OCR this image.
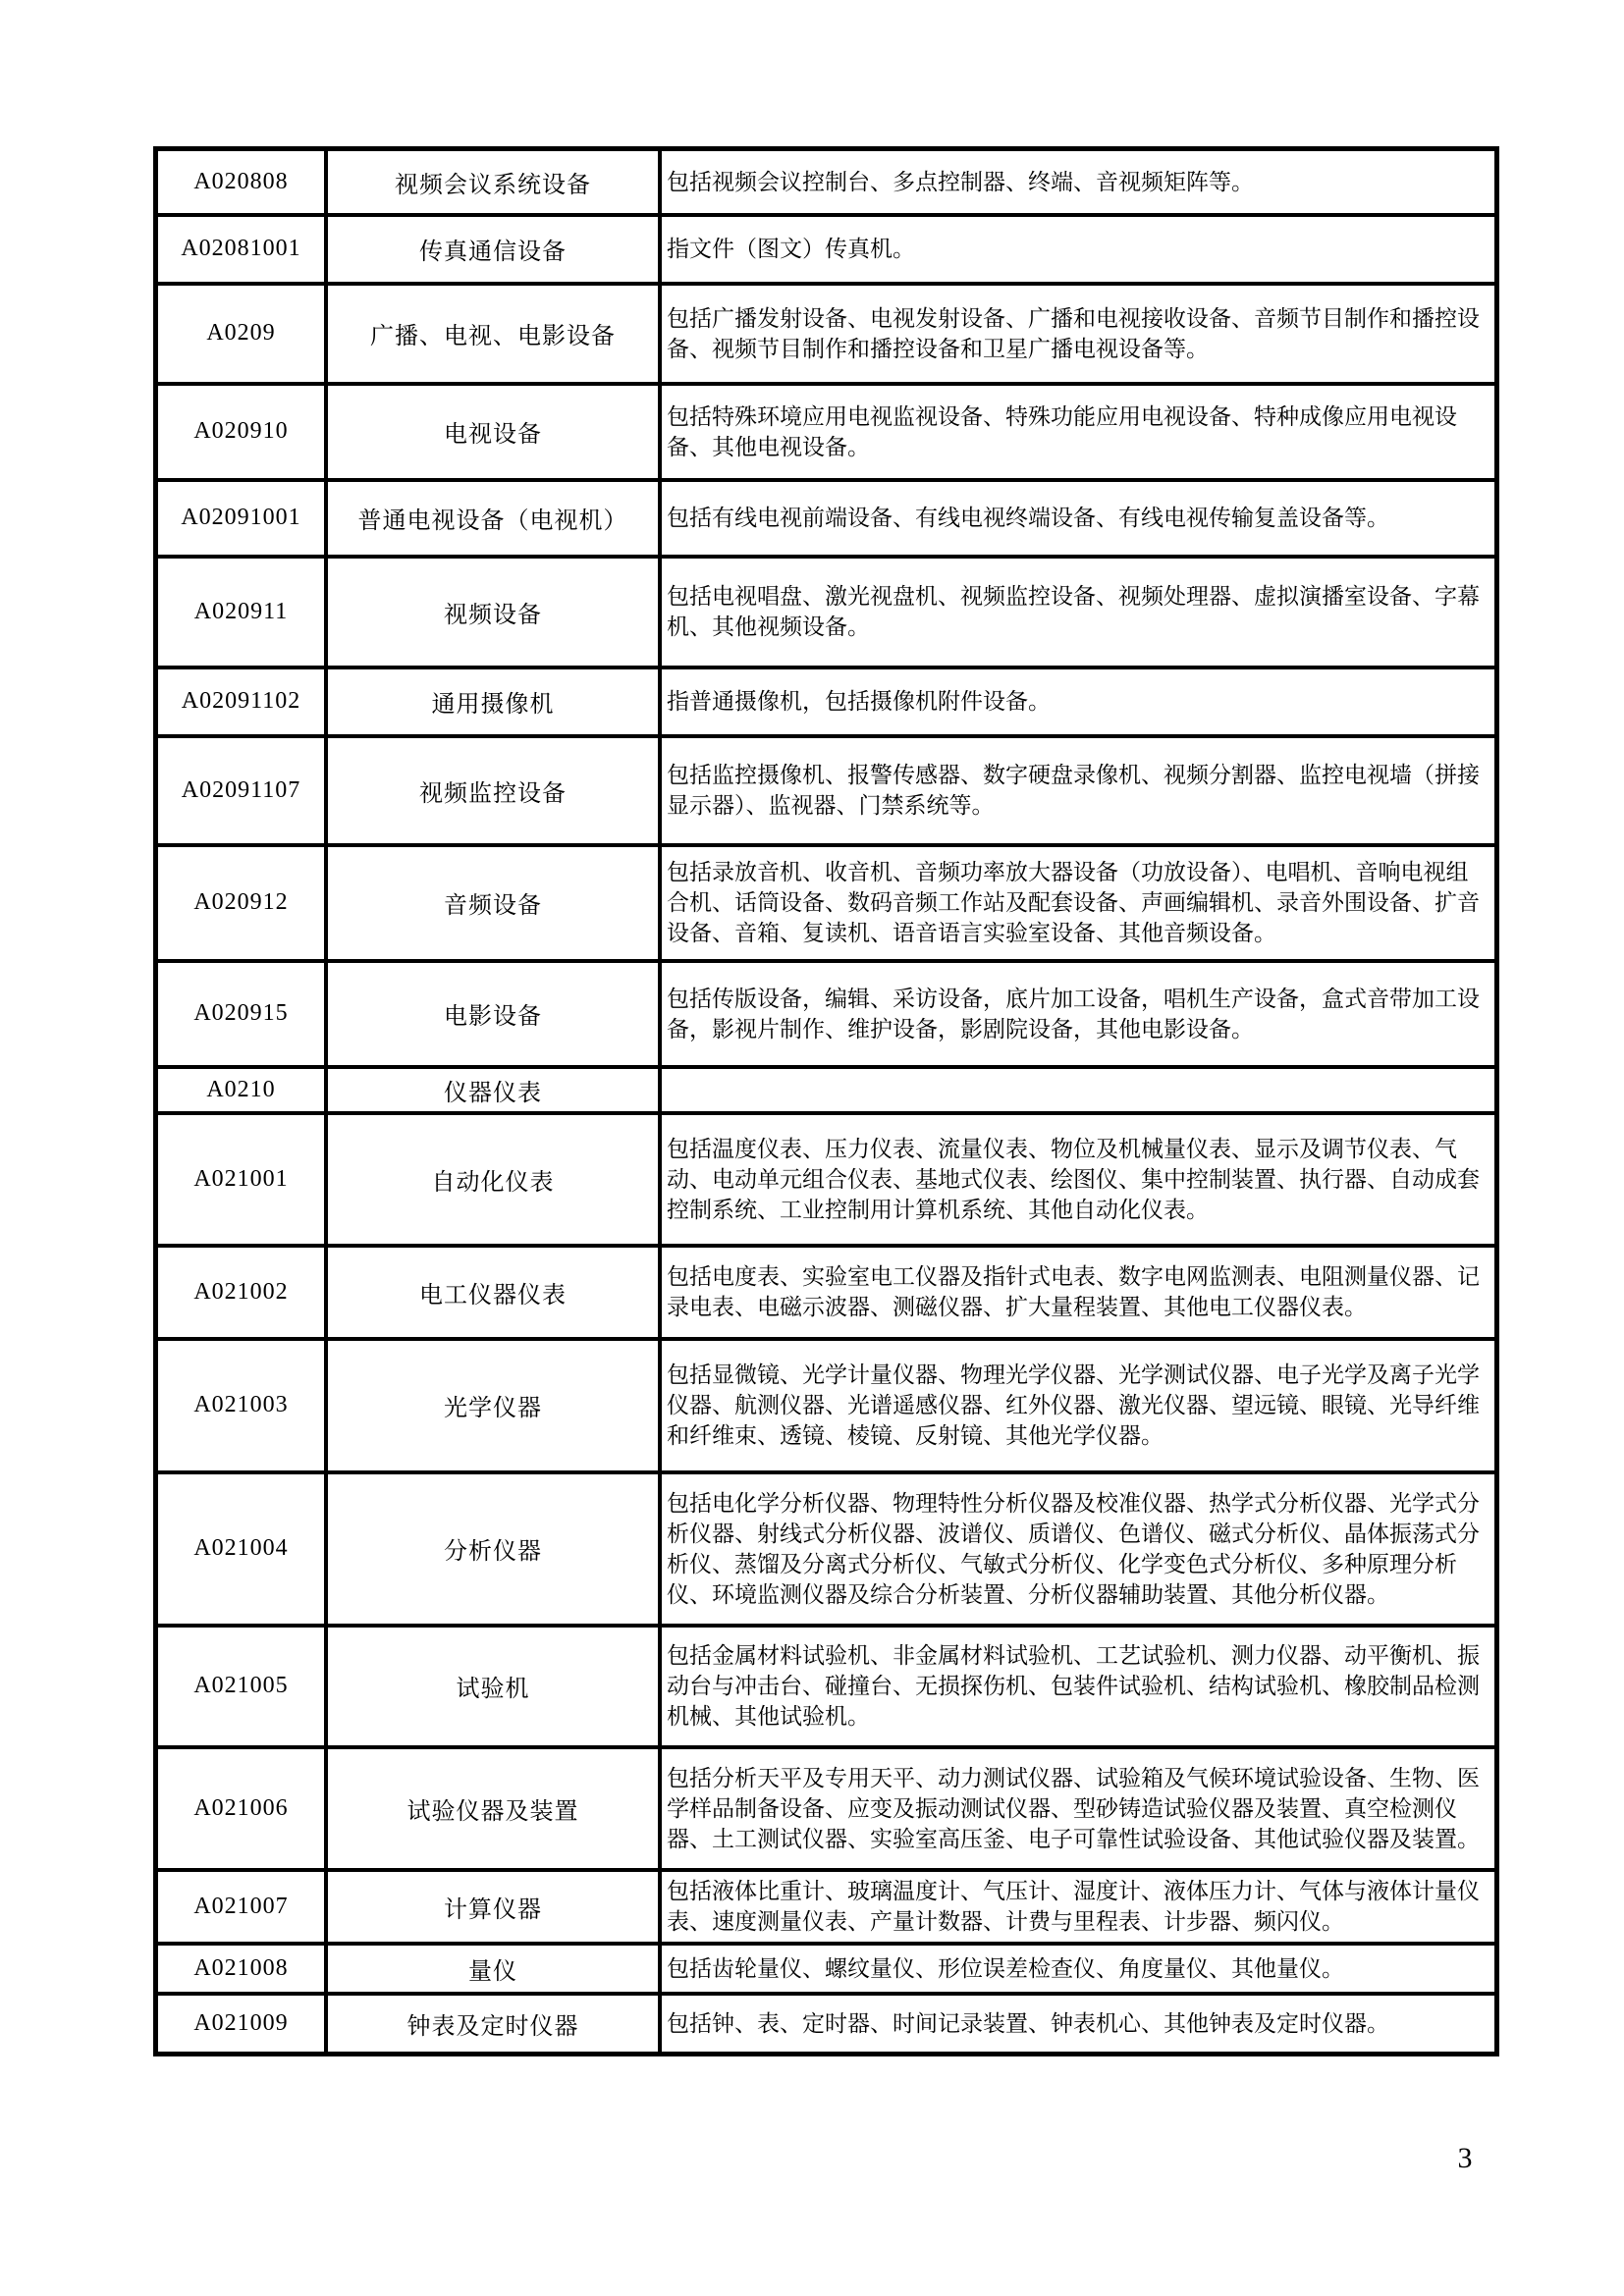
A020808	视频会议系统设备	包括视频会议控制台、多点控制器、终端、音视频矩阵等。
A02081001	传真通信设备	指文件（图文）传真机。
A0209	广播、电视、电影设备	包括广播发射设备、电视发射设备、广播和电视接收设备、音频节目制作和播控设备、视频节目制作和播控设备和卫星广播电视设备等。
A020910	电视设备	包括特殊环境应用电视监视设备、特殊功能应用电视设备、特种成像应用电视设备、其他电视设备。
A02091001	普通电视设备（电视机）	包括有线电视前端设备、有线电视终端设备、有线电视传输复盖设备等。
A020911	视频设备	包括电视唱盘、激光视盘机、视频监控设备、视频处理器、虚拟演播室设备、字幕机、其他视频设备。
A02091102	通用摄像机	指普通摄像机，包括摄像机附件设备。
A02091107	视频监控设备	包括监控摄像机、报警传感器、数字硬盘录像机、视频分割器、监控电视墙（拼接显示器）、监视器、门禁系统等。
A020912	音频设备	包括录放音机、收音机、音频功率放大器设备（功放设备）、电唱机、音响电视组合机、话筒设备、数码音频工作站及配套设备、声画编辑机、录音外围设备、扩音设备、音箱、复读机、语音语言实验室设备、其他音频设备。
A020915	电影设备	包括传版设备，编辑、采访设备，底片加工设备，唱机生产设备，盒式音带加工设备，影视片制作、维护设备，影剧院设备，其他电影设备。
A0210	仪器仪表	
A021001	自动化仪表	包括温度仪表、压力仪表、流量仪表、物位及机械量仪表、显示及调节仪表、气动、电动单元组合仪表、基地式仪表、绘图仪、集中控制装置、执行器、自动成套控制系统、工业控制用计算机系统、其他自动化仪表。
A021002	电工仪器仪表	包括电度表、实验室电工仪器及指针式电表、数字电网监测表、电阻测量仪器、记录电表、电磁示波器、测磁仪器、扩大量程装置、其他电工仪器仪表。
A021003	光学仪器	包括显微镜、光学计量仪器、物理光学仪器、光学测试仪器、电子光学及离子光学仪器、航测仪器、光谱遥感仪器、红外仪器、激光仪器、望远镜、眼镜、光导纤维和纤维束、透镜、棱镜、反射镜、其他光学仪器。
A021004	分析仪器	包括电化学分析仪器、物理特性分析仪器及校准仪器、热学式分析仪器、光学式分析仪器、射线式分析仪器、波谱仪、质谱仪、色谱仪、磁式分析仪、晶体振荡式分析仪、蒸馏及分离式分析仪、气敏式分析仪、化学变色式分析仪、多种原理分析仪、环境监测仪器及综合分析装置、分析仪器辅助装置、其他分析仪器。
A021005	试验机	包括金属材料试验机、非金属材料试验机、工艺试验机、测力仪器、动平衡机、振动台与冲击台、碰撞台、无损探伤机、包装件试验机、结构试验机、橡胶制品检测机械、其他试验机。
A021006	试验仪器及装置	包括分析天平及专用天平、动力测试仪器、试验箱及气候环境试验设备、生物、医学样品制备设备、应变及振动测试仪器、型砂铸造试验仪器及装置、真空检测仪器、土工测试仪器、实验室高压釜、电子可靠性试验设备、其他试验仪器及装置。
A021007	计算仪器	包括液体比重计、玻璃温度计、气压计、湿度计、液体压力计、气体与液体计量仪表、速度测量仪表、产量计数器、计费与里程表、计步器、频闪仪。
A021008	量仪	包括齿轮量仪、螺纹量仪、形位误差检查仪、角度量仪、其他量仪。
A021009	钟表及定时仪器	包括钟、表、定时器、时间记录装置、钟表机心、其他钟表及定时仪器。
3
